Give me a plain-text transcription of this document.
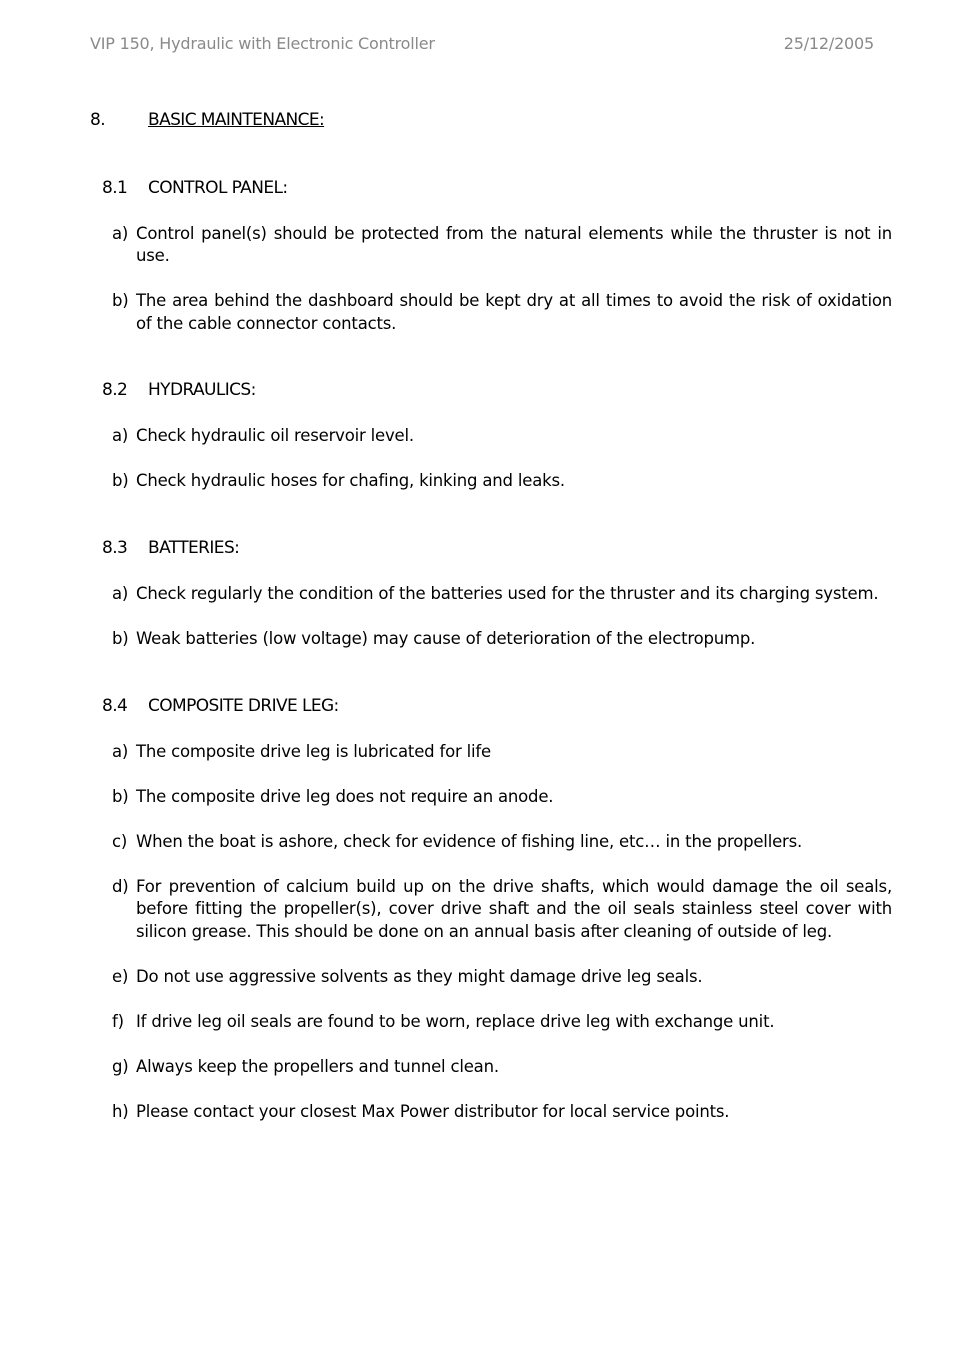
VIP 150, Hydraulic with Electronic Controller	25/12/2005
8.	BASIC MAINTENANCE:
8.1 CONTROL PANEL:
a) Control panel(s) should be protected from the natural elements while the thruster is not in use.
b) The area behind the dashboard should be kept dry at all times to avoid the risk of oxidation of the cable connector contacts.
8.2 HYDRAULICS:
a) Check hydraulic oil reservoir level.
b) Check hydraulic hoses for chafing, kinking and leaks.
8.3 BATTERIES:
a) Check regularly the condition of the batteries used for the thruster and its charging system.
b) Weak batteries (low voltage) may cause of deterioration of the electropump.
8.4 COMPOSITE DRIVE LEG:
a) The composite drive leg is lubricated for life
b) The composite drive leg does not require an anode.
c) When the boat is ashore, check for evidence of fishing line, etc… in the propellers.
d) For prevention of calcium build up on the drive shafts, which would damage the oil seals, before fitting the propeller(s), cover drive shaft and the oil seals stainless steel cover with silicon grease. This should be done on an annual basis after cleaning of outside of leg.
e) Do not use aggressive solvents as they might damage drive leg seals.
f) If drive leg oil seals are found to be worn, replace drive leg with exchange unit.
g) Always keep the propellers and tunnel clean.
h) Please contact your closest Max Power distributor for local service points.
